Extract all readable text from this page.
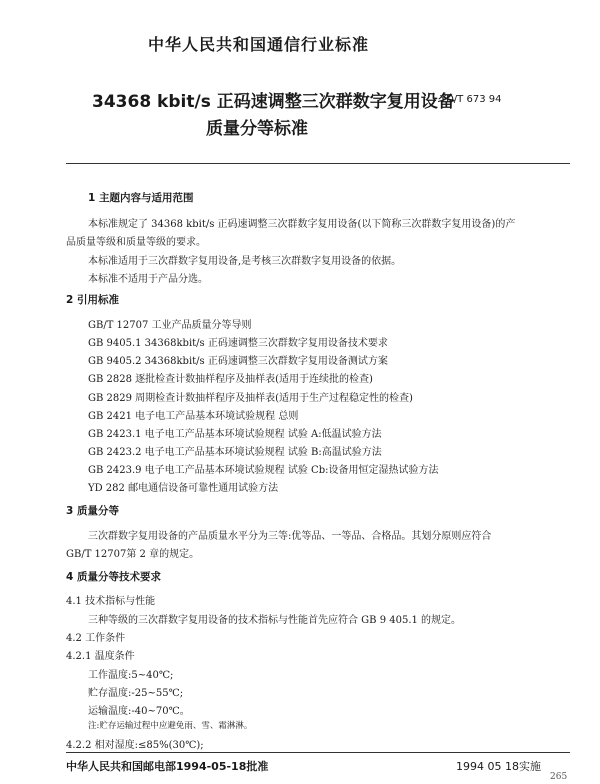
中华人民共和国通信行业标准
34368 kbit/s 正码速调整三次群数字复用设备
质量分等标准
YD/T 673 94
1 主题内容与适用范围
本标准规定了 34368 kbit/s 正码速调整三次群数字复用设备(以下简称三次群数字复用设备)的产
品质量等级和质量等级的要求。
本标准适用于三次群数字复用设备,是考核三次群数字复用设备的依据。
本标准不适用于产品分选。
2 引用标准
GB/T 12707 工业产品质量分等导则
GB 9405.1 34368kbit/s 正码速调整三次群数字复用设备技术要求
GB 9405.2 34368kbit/s 正码速调整三次群数字复用设备测试方案
GB 2828 逐批检查计数抽样程序及抽样表(适用于连续批的检查)
GB 2829 周期检查计数抽样程序及抽样表(适用于生产过程稳定性的检查)
GB 2421 电子电工产品基本环境试验规程 总则
GB 2423.1 电子电工产品基本环境试验规程 试验 A:低温试验方法
GB 2423.2 电子电工产品基本环境试验规程 试验 B:高温试验方法
GB 2423.9 电子电工产品基本环境试验规程 试验 Cb:设备用恒定湿热试验方法
YD 282 邮电通信设备可靠性通用试验方法
3 质量分等
三次群数字复用设备的产品质量水平分为三等:优等品、一等品、合格品。其划分原则应符合
GB/T 12707第 2 章的规定。
4 质量分等技术要求
4.1 技术指标与性能
三种等级的三次群数字复用设备的技术指标与性能首先应符合 GB 9 405.1 的规定。
4.2 工作条件
4.2.1 温度条件
工作温度:5~40℃;
贮存温度:-25~55℃;
运输温度:-40~70℃。
注:贮存运输过程中应避免雨、雪、霜淋淋。
4.2.2 相对湿度:≤85%(30℃);
中华人民共和国邮电部1994-05-18批准	1994 05 18实施
265
